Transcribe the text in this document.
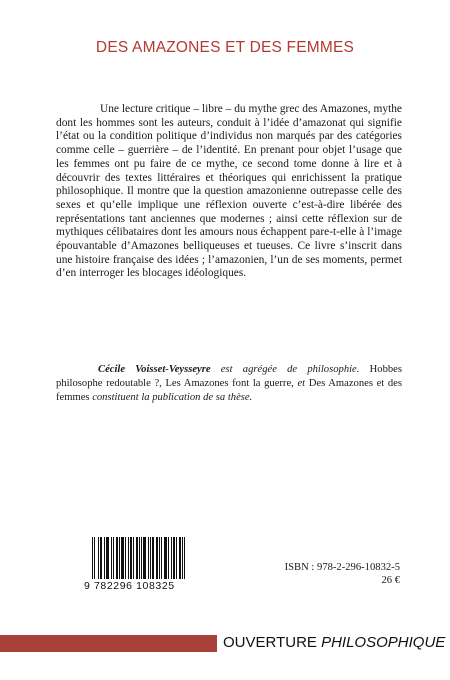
DES AMAZONES ET DES FEMMES

Une lecture critique – libre – du mythe grec des Amazones, mythe dont les hommes sont les auteurs, conduit à l’idée d’amazonat qui signifie l’état ou la condition politique d’individus non marqués par des catégories comme celle – guerrière – de l’identité. En prenant pour objet l’usage que les femmes ont pu faire de ce mythe, ce second tome donne à lire et à découvrir des textes littéraires et théoriques qui enrichissent la pratique philosophique. Il montre que la question amazonienne outrepasse celle des sexes et qu’elle implique une réflexion ouverte c’est-à-dire libérée des représentations tant anciennes que modernes ; ainsi cette réflexion sur de mythiques célibataires dont les amours nous échappent pare-t-elle à l’image épouvantable d’Amazones belliqueuses et tueuses. Ce livre s’inscrit dans une histoire française des idées ; l’amazonien, l’un de ses moments, permet d’en interroger les blocages idéologiques.

Cécile Voisset-Veysseyre est agrégée de philosophie. Hobbes philosophe redoutable ?, Les Amazones font la guerre, et Des Amazones et des femmes constituent la publication de sa thèse.

9 782296 108325
ISBN : 978-2-296-10832-5
26 €
OUVERTURE PHILOSOPHIQUE
